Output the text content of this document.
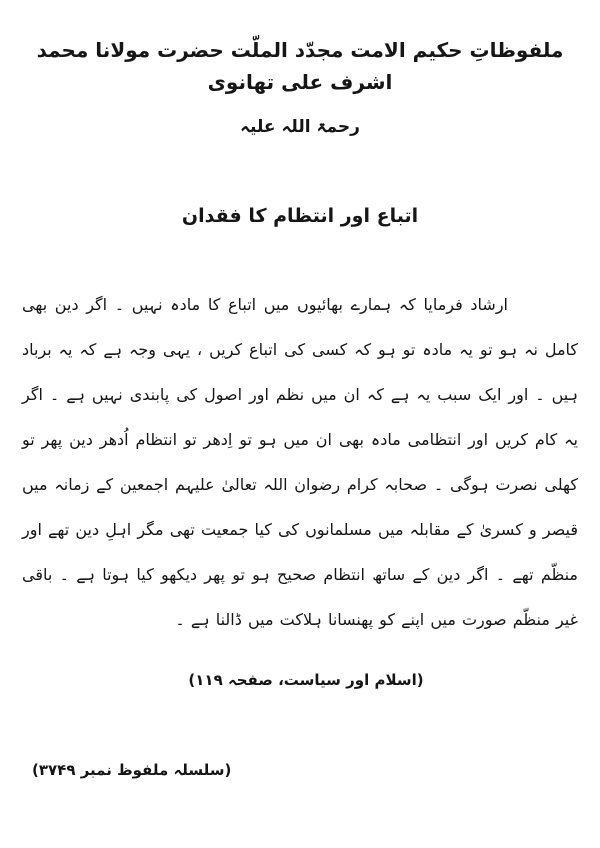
ملفوظاتِ حکیم الامت مجدّد الملّت حضرت مولانا محمد اشرف علی تھانوی
رحمۃ اللہ علیہ
اتباع اور انتظام کا فقدان

ارشاد فرمایا کہ ہمارے بھائیوں میں اتباع کا مادہ نہیں ۔ اگر دین بھی کامل نہ ہو تو یہ مادہ تو ہو کہ کسی کی اتباع کریں ، یہی وجہ ہے کہ یہ برباد ہیں ۔ اور ایک سبب یہ ہے کہ ان میں نظم اور اصول کی پابندی نہیں ہے ۔ اگر یہ کام کریں اور انتظامی مادہ بھی ان میں ہو تو اِدھر تو انتظام اُدھر دین پھر تو کھلی نصرت ہوگی ۔ صحابہ کرام رضوان اللہ تعالیٰ علیہم اجمعین کے زمانہ میں قیصر و کسریٰ کے مقابلہ میں مسلمانوں کی کیا جمعیت تھی مگر اہلِ دین تھے اور منظّم تھے ۔ اگر دین کے ساتھ انتظام صحیح ہو تو پھر دیکھو کیا ہوتا ہے ۔ باقی غیر منظّم صورت میں اپنے کو پھنسانا ہلاکت میں ڈالنا ہے ۔

(اسلام اور سیاست، صفحہ ۱۱۹)
(سلسلہ ملفوظ نمبر ۳۷۴۹)
